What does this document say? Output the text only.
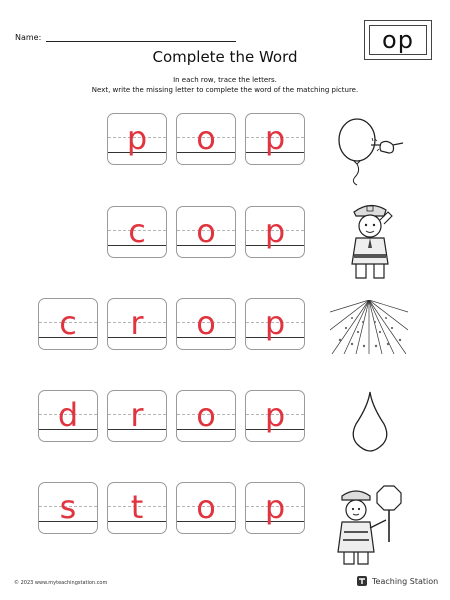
Name:	op
Complete the Word
In each row, trace the letters.
Next, write the missing letter to complete the word of the matching picture.
p	o	p
c	o	p
c	r	o	p
d	r	o	p
s	t	o	p
© 2023 www.myteachingstation.com	Teaching Station
